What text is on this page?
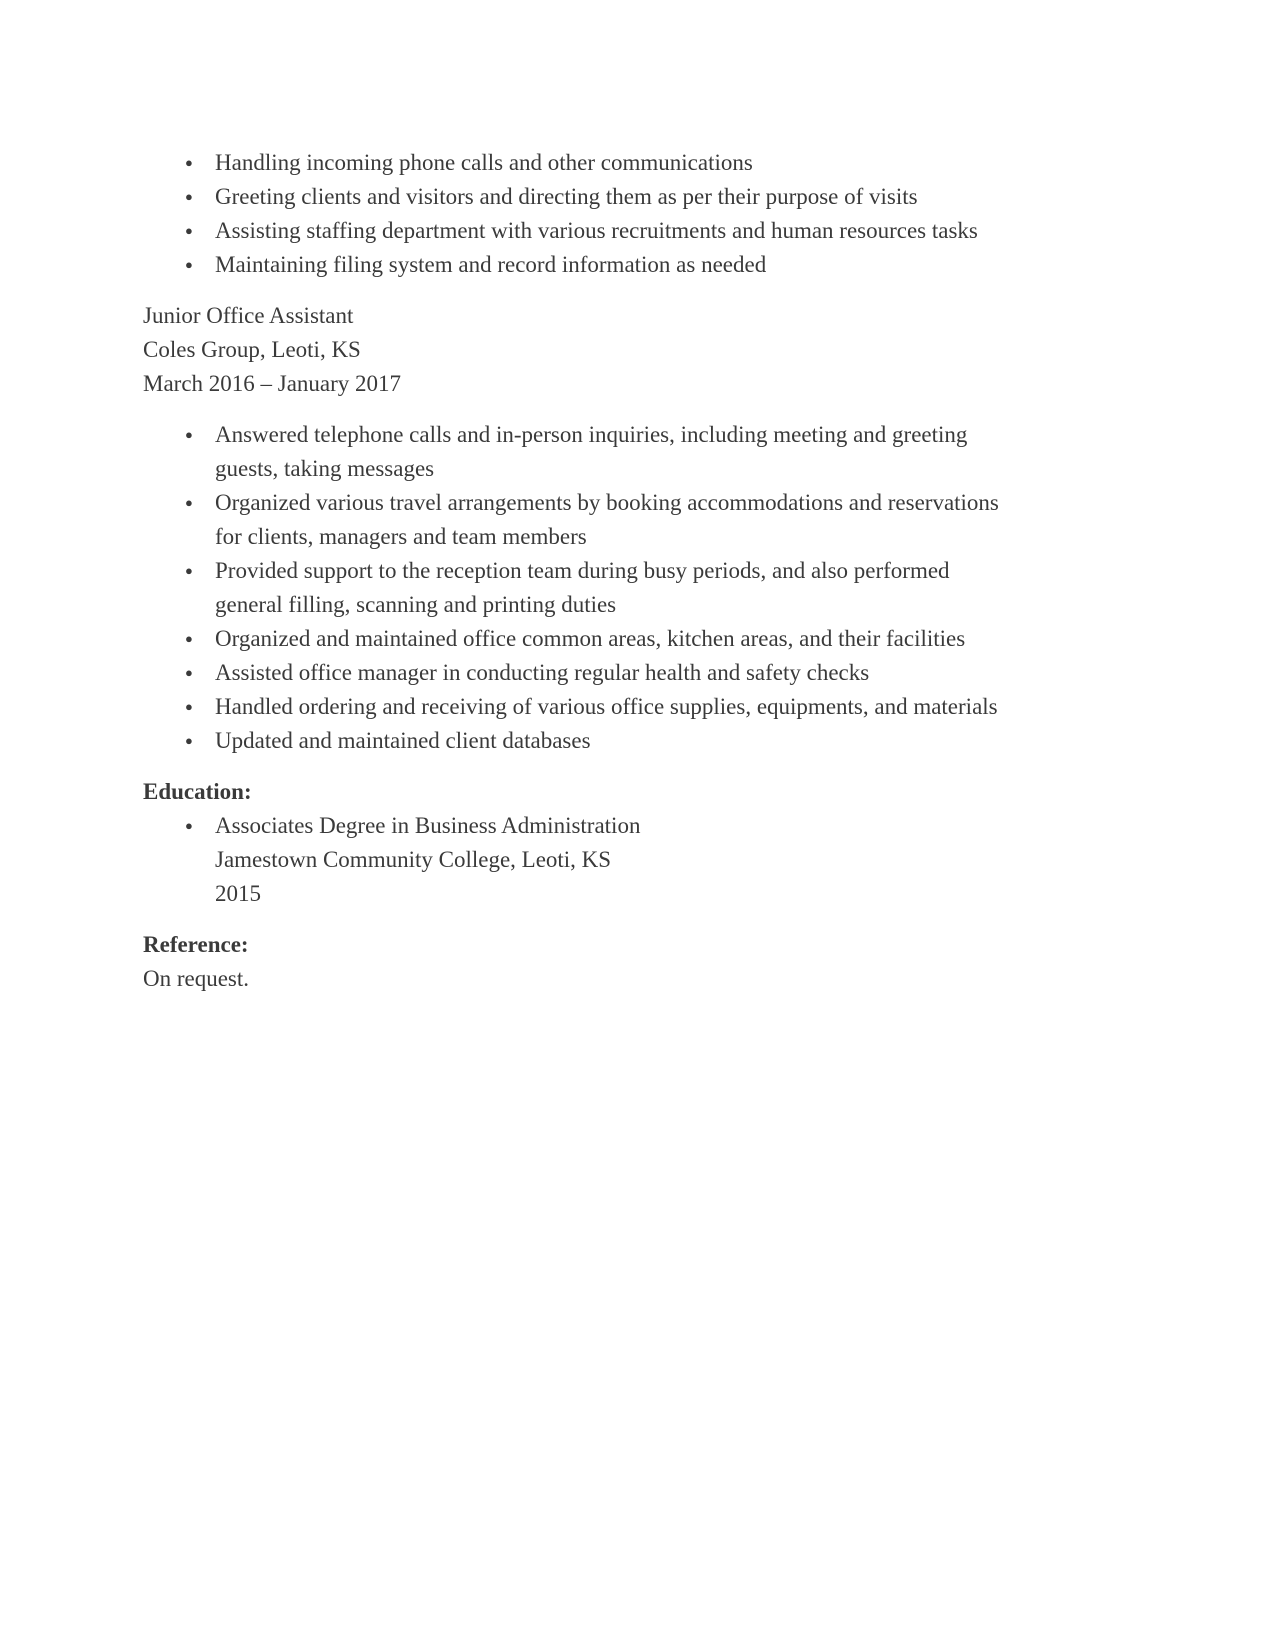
● Handling incoming phone calls and other communications
● Greeting clients and visitors and directing them as per their purpose of visits
● Assisting staffing department with various recruitments and human resources tasks
● Maintaining filing system and record information as needed

Junior Office Assistant

Coles Group, Leoti, KS

March 2016 – January 2017

● Answered telephone calls and in-person inquiries, including meeting and greeting guests, taking messages
● Organized various travel arrangements by booking accommodations and reservations for clients, managers and team members
● Provided support to the reception team during busy periods, and also performed general filling, scanning and printing duties
● Organized and maintained office common areas, kitchen areas, and their facilities
● Assisted office manager in conducting regular health and safety checks
● Handled ordering and receiving of various office supplies, equipments, and materials
● Updated and maintained client databases
Education:
● Associates Degree in Business Administration
Jamestown Community College, Leoti, KS
2015
Reference:

On request.
